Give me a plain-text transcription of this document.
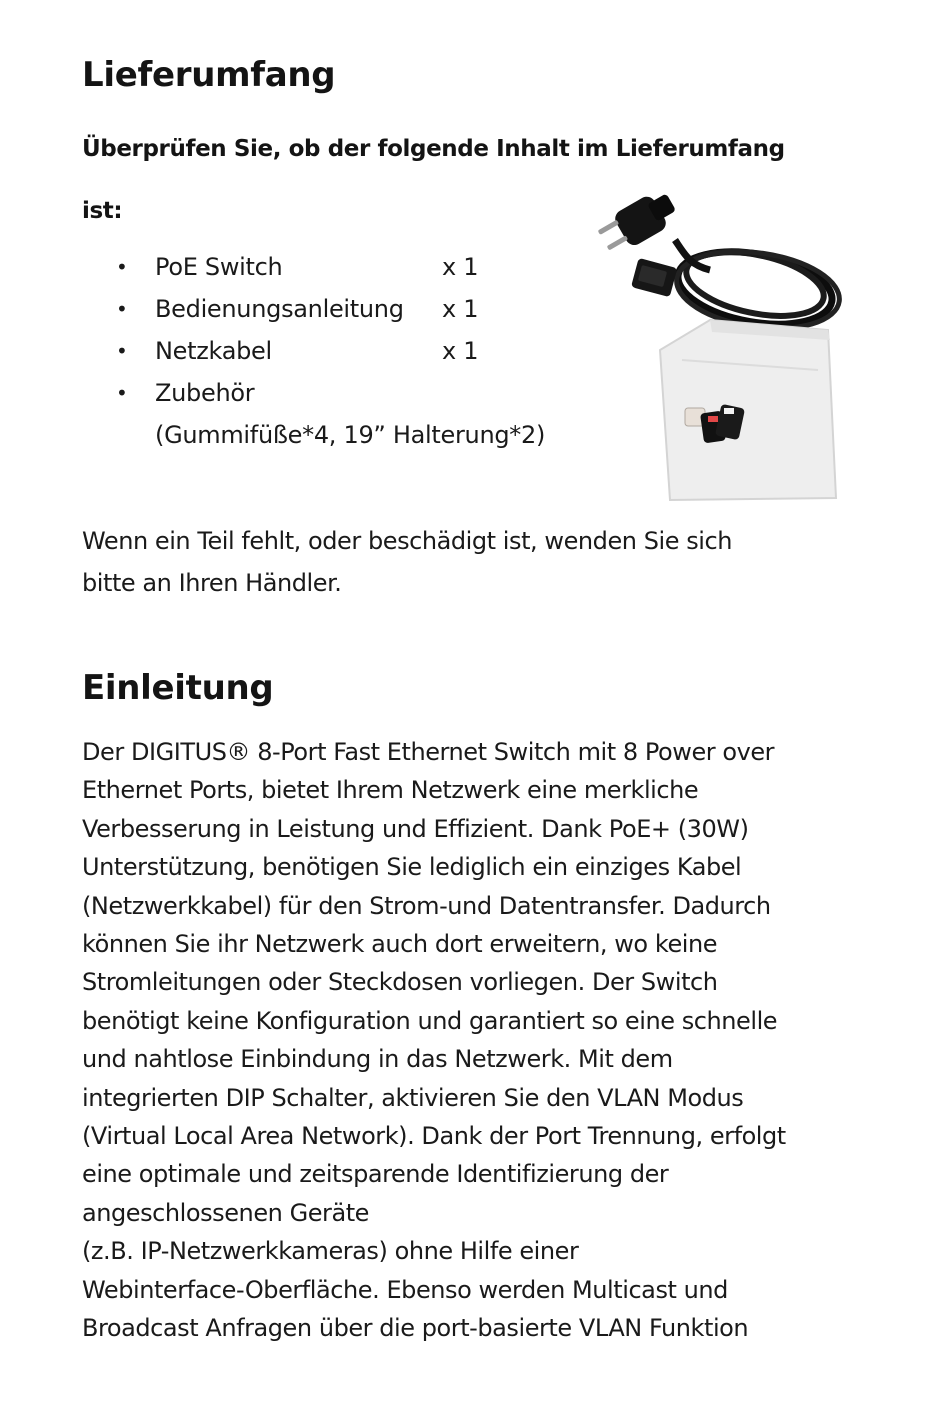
Lieferumfang

Überprüfen Sie, ob der folgende Inhalt im Lieferumfang

ist:

• PoE Switch	x 1
• Bedienungsanleitung x 1
• Netzkabel	x 1
• Zubehör
(Gummifüße*4, 19” Halterung*2)

Wenn ein Teil fehlt, oder beschädigt ist, wenden Sie sich
bitte an Ihren Händler.

Einleitung

Der DIGITUS® 8-Port Fast Ethernet Switch mit 8 Power over
Ethernet Ports, bietet Ihrem Netzwerk eine merkliche
Verbesserung in Leistung und Effizient. Dank PoE+ (30W)
Unterstützung, benötigen Sie lediglich ein einziges Kabel
(Netzwerkkabel) für den Strom-und Datentransfer. Dadurch
können Sie ihr Netzwerk auch dort erweitern, wo keine
Stromleitungen oder Steckdosen vorliegen. Der Switch
benötigt keine Konfiguration und garantiert so eine schnelle
und nahtlose Einbindung in das Netzwerk. Mit dem
integrierten DIP Schalter, aktivieren Sie den VLAN Modus
(Virtual Local Area Network). Dank der Port Trennung, erfolgt
eine optimale und zeitsparende Identifizierung der
angeschlossenen Geräte
(z.B. IP-Netzwerkkameras) ohne Hilfe einer
Webinterface-Oberfläche. Ebenso werden Multicast und
Broadcast Anfragen über die port-basierte VLAN Funktion
